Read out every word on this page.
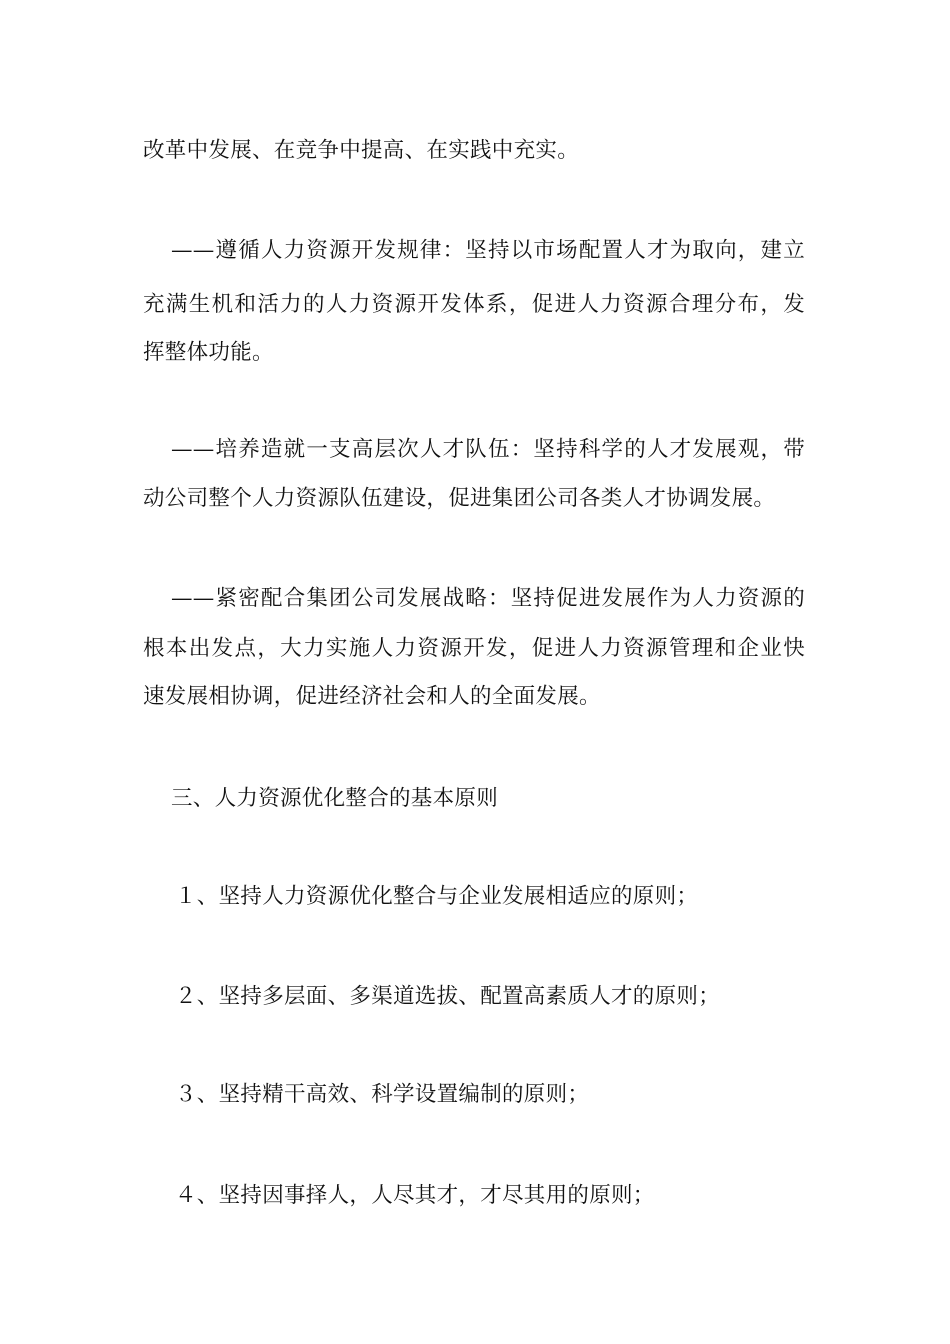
改革中发展、在竞争中提高、在实践中充实。
——遵循人力资源开发规律：坚持以市场配置人才为取向，建立
充满生机和活力的人力资源开发体系，促进人力资源合理分布，发
挥整体功能。
——培养造就一支高层次人才队伍：坚持科学的人才发展观，带
动公司整个人力资源队伍建设，促进集团公司各类人才协调发展。
——紧密配合集团公司发展战略：坚持促进发展作为人力资源的
根本出发点，大力实施人力资源开发，促进人力资源管理和企业快
速发展相协调，促进经济社会和人的全面发展。
三、人力资源优化整合的基本原则
１、坚持人力资源优化整合与企业发展相适应的原则；
２、坚持多层面、多渠道选拔、配置高素质人才的原则；
３、坚持精干高效、科学设置编制的原则；
４、坚持因事择人，人尽其才，才尽其用的原则；
